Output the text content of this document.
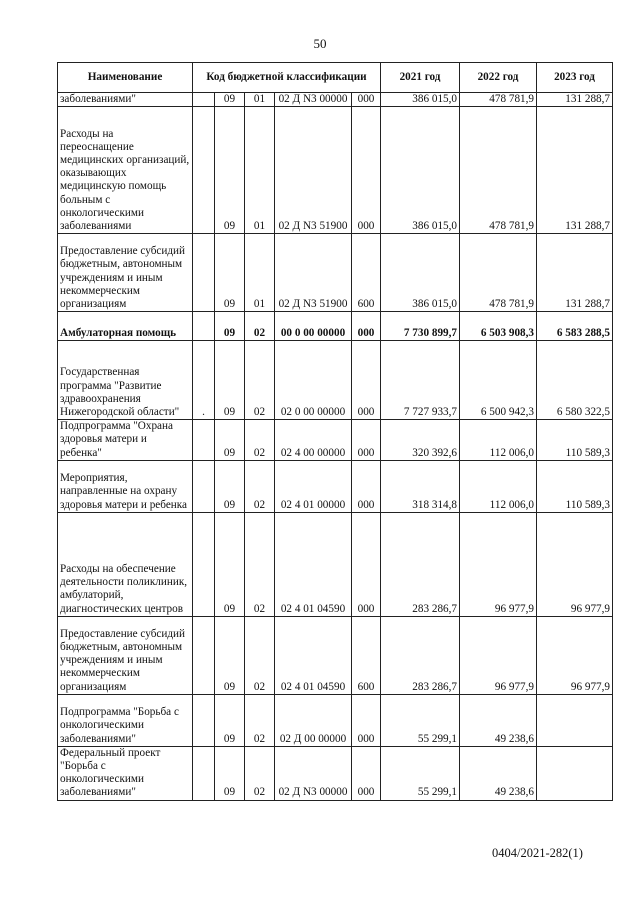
50
Наименование	Код бюджетной классификации					2021 год	2022 год	2023 год
заболеваниями"		09	01	02 Д N3 00000	000	386 015,0	478 781,9	131 288,7
Расходы на переоснащение медицинских организаций, оказывающих медицинскую помощь больным с онкологическими заболеваниями		09	01	02 Д N3 51900	000	386 015,0	478 781,9	131 288,7
Предоставление субсидий бюджетным, автономным учреждениям и иным некоммерческим организациям		09	01	02 Д N3 51900	600	386 015,0	478 781,9	131 288,7
Амбулаторная помощь		09	02	00 0 00 00000	000	7 730 899,7	6 503 908,3	6 583 288,5
Государственная программа "Развитие здравоохранения Нижегородской области"	.	09	02	02 0 00 00000	000	7 727 933,7	6 500 942,3	6 580 322,5
Подпрограмма "Охрана здоровья матери и ребенка"		09	02	02 4 00 00000	000	320 392,6	112 006,0	110 589,3
Мероприятия, направленные на охрану здоровья матери и ребенка		09	02	02 4 01 00000	000	318 314,8	112 006,0	110 589,3
Расходы на обеспечение деятельности поликлиник, амбулаторий, диагностических центров		09	02	02 4 01 04590	000	283 286,7	96 977,9	96 977,9
Предоставление субсидий бюджетным, автономным учреждениям и иным некоммерческим организациям		09	02	02 4 01 04590	600	283 286,7	96 977,9	96 977,9
Подпрограмма "Борьба с онкологическими заболеваниями"		09	02	02 Д 00 00000	000	55 299,1	49 238,6	
Федеральный проект "Борьба с онкологическими заболеваниями"		09	02	02 Д N3 00000	000	55 299,1	49 238,6	
0404/2021-282(1)
